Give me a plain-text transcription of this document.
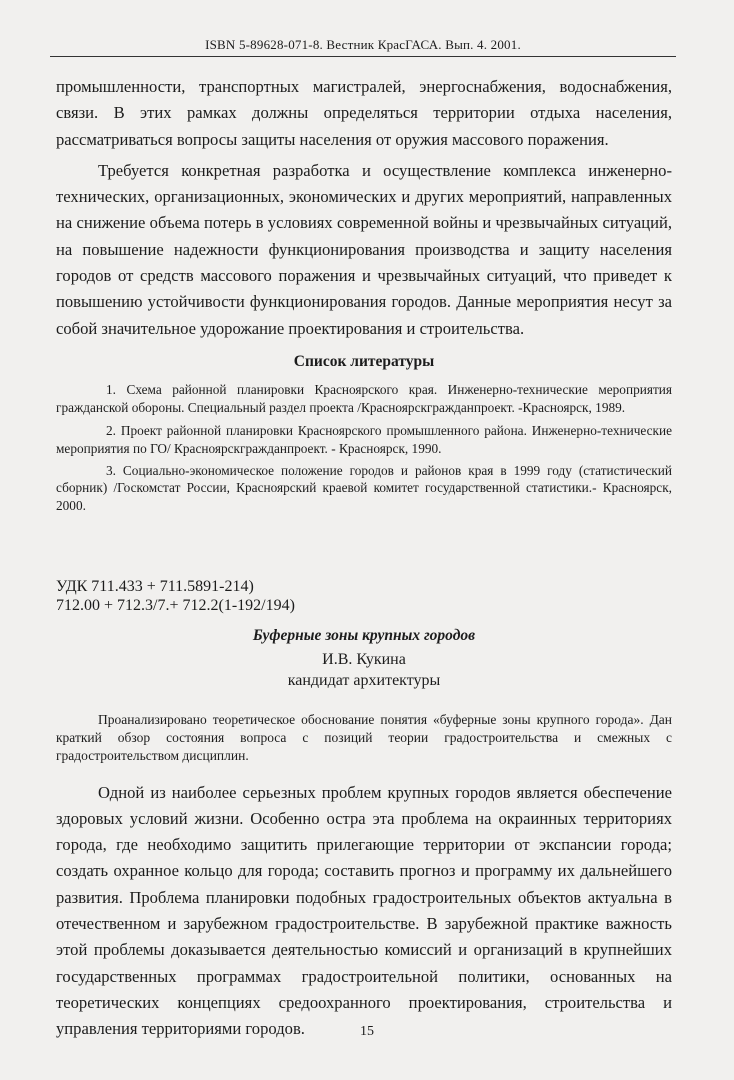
ISBN 5-89628-071-8. Вестник КрасГАСА. Вып. 4. 2001.

промышленности, транспортных магистралей, энергоснабжения, водоснабжения, связи. В этих рамках должны определяться территории отдыха населения, рассматриваться вопросы защиты населения от оружия массового поражения.

Требуется конкретная разработка и осуществление комплекса инженерно-технических, организационных, экономических и других мероприятий, направленных на снижение объема потерь в условиях современной войны и чрезвычайных ситуаций, на повышение надежности функционирования производства и защиту населения городов от средств массового поражения и чрезвычайных ситуаций, что приведет к повышению устойчивости функционирования городов. Данные мероприятия несут за собой значительное удорожание проектирования и строительства.

Список литературы

1. Схема районной планировки Красноярского края. Инженерно-технические мероприятия гражданской обороны. Специальный раздел проекта /Красноярскгражданпроект. -Красноярск, 1989.

2. Проект районной планировки Красноярского промышленного района. Инженерно-технические мероприятия по ГО/ Красноярскгражданпроект. - Красноярск, 1990.

3. Социально-экономическое положение городов и районов края в 1999 году (статистический сборник) /Госкомстат России, Красноярский краевой комитет государственной статистики.- Красноярск, 2000.

УДК 711.433 + 711.5891-214)

712.00 + 712.3/7.+ 712.2(1-192/194)

Буферные зоны крупных городов

И.В. Кукина

кандидат архитектуры

Проанализировано теоретическое обоснование понятия «буферные зоны крупного города». Дан краткий обзор состояния вопроса с позиций теории градостроительства и смежных с градостроительством дисциплин.

Одной из наиболее серьезных проблем крупных городов является обеспечение здоровых условий жизни. Особенно остра эта проблема на окраинных территориях города, где необходимо защитить прилегающие территории от экспансии города; создать охранное кольцо для города; составить прогноз и программу их дальнейшего развития. Проблема планировки подобных градостроительных объектов актуальна в отечественном и зарубежном градостроительстве. В зарубежной практике важность этой проблемы доказывается деятельностью комиссий и организаций в крупнейших государственных программах градостроительной политики, основанных на теоретических концепциях средоохранного проектирования, строительства и управления территориями городов.	15
